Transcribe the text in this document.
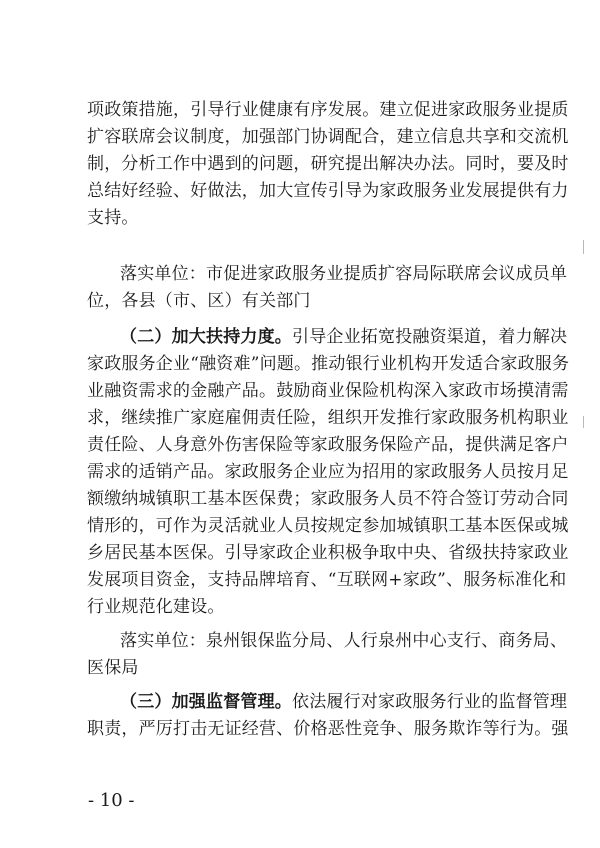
项政策措施，引导行业健康有序发展。建立促进家政服务业提质
扩容联席会议制度，加强部门协调配合，建立信息共享和交流机
制，分析工作中遇到的问题，研究提出解决办法。同时，要及时
总结好经验、好做法，加大宣传引导为家政服务业发展提供有力
支持。
落实单位：市促进家政服务业提质扩容局际联席会议成员单
位，各县（市、区）有关部门
（二）加大扶持力度。引导企业拓宽投融资渠道，着力解决
家政服务企业“融资难”问题。推动银行业机构开发适合家政服务
业融资需求的金融产品。鼓励商业保险机构深入家政市场摸清需
求，继续推广家庭雇佣责任险，组织开发推行家政服务机构职业
责任险、人身意外伤害保险等家政服务保险产品，提供满足客户
需求的适销产品。家政服务企业应为招用的家政服务人员按月足
额缴纳城镇职工基本医保费；家政服务人员不符合签订劳动合同
情形的，可作为灵活就业人员按规定参加城镇职工基本医保或城
乡居民基本医保。引导家政企业积极争取中央、省级扶持家政业
发展项目资金，支持品牌培育、“互联网+家政”、服务标准化和
行业规范化建设。
落实单位：泉州银保监分局、人行泉州中心支行、商务局、
医保局
（三）加强监督管理。依法履行对家政服务行业的监督管理
职责，严厉打击无证经营、价格恶性竞争、服务欺诈等行为。强
- 10 -
